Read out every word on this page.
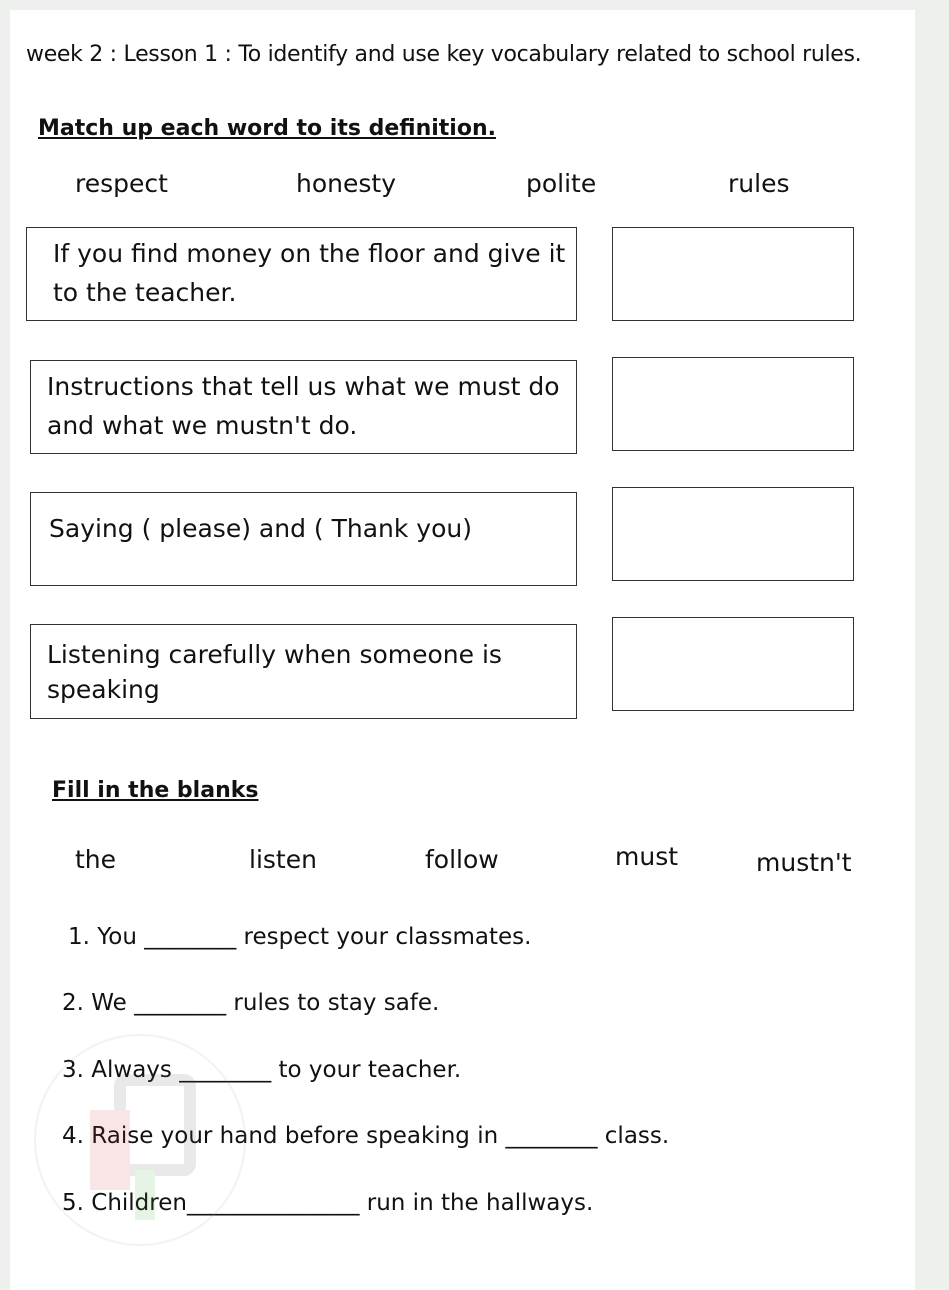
week 2 : Lesson 1 : To identify and use key vocabulary related to school rules.
Match up each word to its definition.
respect	honesty	polite	rules
If you find money on the floor and give it to the teacher.
Instructions that tell us what we must do and what we mustn't do.
Saying ( please) and ( Thank you)
Listening carefully when someone is speaking
Fill in the blanks
the	listen	follow	must	mustn't
1. You ________ respect your classmates.
2. We ________ rules to stay safe.
3. Always ________ to your teacher.
4. Raise your hand before speaking in ________ class.
5. Children_______________ run in the hallways.
